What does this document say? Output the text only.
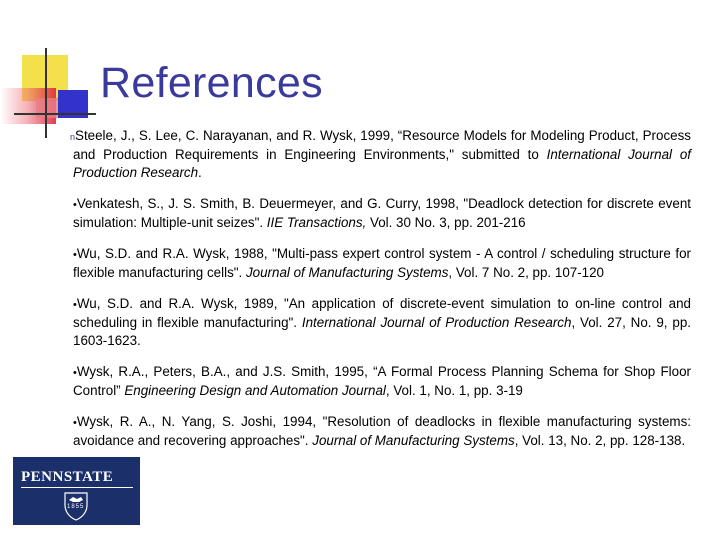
References

nSteele, J., S. Lee, C. Narayanan, and R. Wysk, 1999, “Resource Models for Modeling Product, Process and Production Requirements in Engineering Environments," submitted to International Journal of Production Research.

•Venkatesh, S., J. S. Smith, B. Deuermeyer, and G. Curry, 1998, "Deadlock detection for discrete event simulation: Multiple-unit seizes". IIE Transactions, Vol. 30 No. 3, pp. 201-216

•Wu, S.D. and R.A. Wysk, 1988, "Multi-pass expert control system - A control / scheduling structure for flexible manufacturing cells". Journal of Manufacturing Systems, Vol. 7 No. 2, pp. 107-120

•Wu, S.D. and R.A. Wysk, 1989, "An application of discrete-event simulation to on-line control and scheduling in flexible manufacturing". International Journal of Production Research, Vol. 27, No. 9, pp. 1603-1623.

•Wysk, R.A., Peters, B.A., and J.S. Smith, 1995, “A Formal Process Planning Schema for Shop Floor Control” Engineering Design and Automation Journal, Vol. 1, No. 1, pp. 3-19

•Wysk, R. A., N. Yang, S. Joshi, 1994, "Resolution of deadlocks in flexible manufacturing systems: avoidance and recovering approaches". Journal of Manufacturing Systems, Vol. 13, No. 2, pp. 128-138.

PENNSTATE
1855
